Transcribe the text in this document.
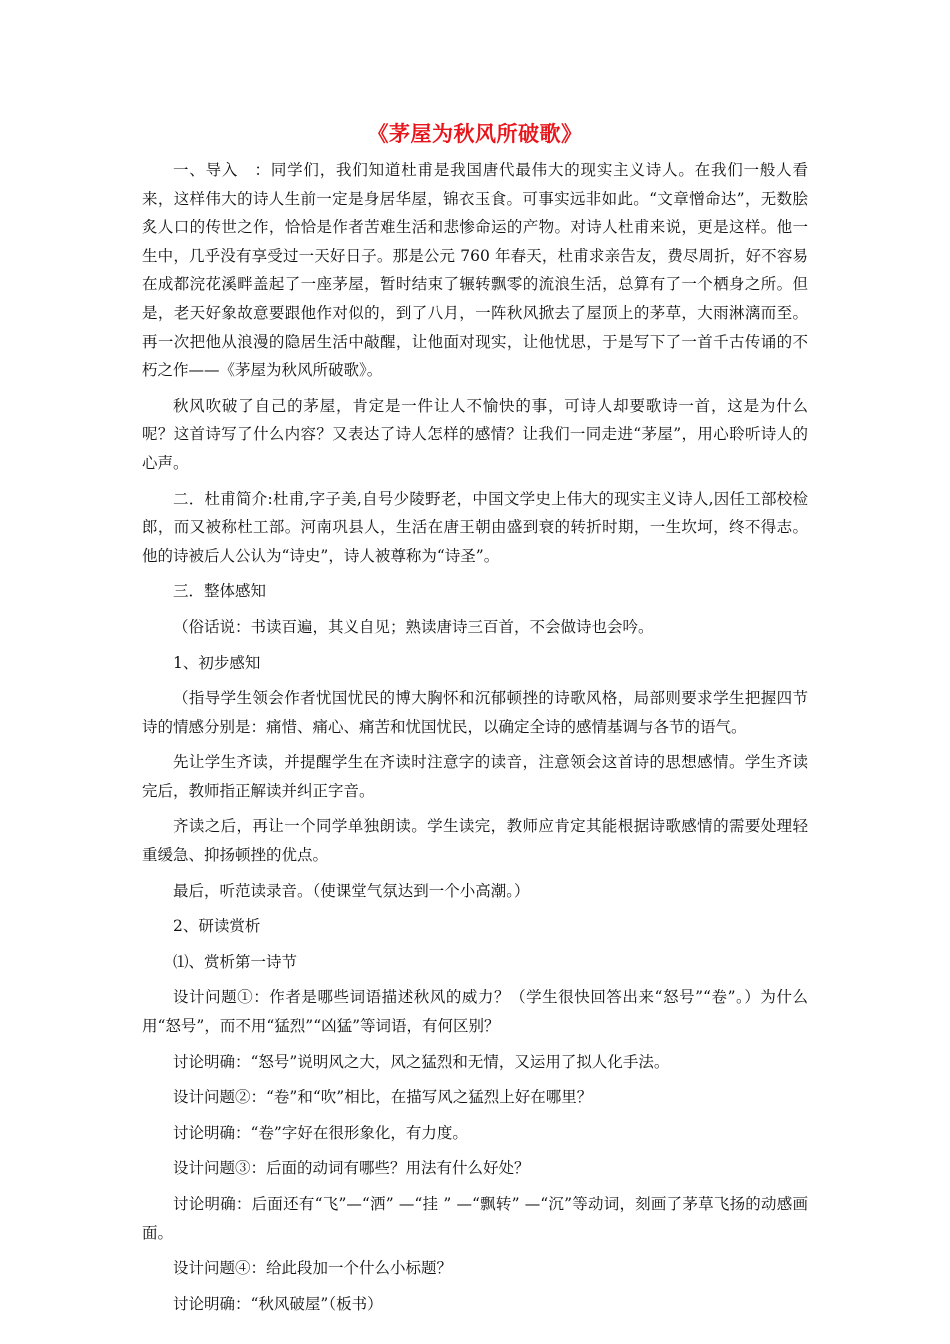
《茅屋为秋风所破歌》

一、导入　：同学们，我们知道杜甫是我国唐代最伟大的现实主义诗人。在我们一般人看来，这样伟大的诗人生前一定是身居华屋，锦衣玉食。可事实远非如此。“文章憎命达”，无数脍炙人口的传世之作，恰恰是作者苦难生活和悲惨命运的产物。对诗人杜甫来说，更是这样。他一生中，几乎没有享受过一天好日子。那是公元 760 年春天，杜甫求亲告友，费尽周折，好不容易在成都浣花溪畔盖起了一座茅屋，暂时结束了辗转飘零的流浪生活，总算有了一个栖身之所。但是，老天好象故意要跟他作对似的，到了八月，一阵秋风掀去了屋顶上的茅草，大雨淋漓而至。再一次把他从浪漫的隐居生活中敲醒，让他面对现实，让他忧思，于是写下了一首千古传诵的不朽之作——《茅屋为秋风所破歌》。

秋风吹破了自己的茅屋，肯定是一件让人不愉快的事，可诗人却要歌诗一首，这是为什么呢？这首诗写了什么内容？又表达了诗人怎样的感情？让我们一同走进“茅屋”，用心聆听诗人的心声。

二．杜甫简介:杜甫,字子美,自号少陵野老，中国文学史上伟大的现实主义诗人,因任工部校检郎，而又被称杜工部。河南巩县人，生活在唐王朝由盛到衰的转折时期，一生坎坷，终不得志。他的诗被后人公认为“诗史”，诗人被尊称为“诗圣”。

三．整体感知

（俗话说：书读百遍，其义自见；熟读唐诗三百首，不会做诗也会吟。

1、初步感知

（指导学生领会作者忧国忧民的博大胸怀和沉郁顿挫的诗歌风格，局部则要求学生把握四节诗的情感分别是：痛惜、痛心、痛苦和忧国忧民，以确定全诗的感情基调与各节的语气。

先让学生齐读，并提醒学生在齐读时注意字的读音，注意领会这首诗的思想感情。学生齐读完后，教师指正解读并纠正字音。

齐读之后，再让一个同学单独朗读。学生读完，教师应肯定其能根据诗歌感情的需要处理轻重缓急、抑扬顿挫的优点。

最后，听范读录音。（使课堂气氛达到一个小高潮。）

2、研读赏析

⑴、赏析第一诗节

设计问题①：作者是哪些词语描述秋风的威力？（学生很快回答出来“怒号”“卷”。）为什么用“怒号”，而不用“猛烈”“凶猛”等词语，有何区别？

讨论明确：“怒号”说明风之大，风之猛烈和无情，又运用了拟人化手法。

设计问题②：“卷”和“吹”相比，在描写风之猛烈上好在哪里？

讨论明确：“卷”字好在很形象化，有力度。

设计问题③：后面的动词有哪些？用法有什么好处？

讨论明确：后面还有“飞”—“洒” —“挂 ” —“飘转” —“沉”等动词，刻画了茅草飞扬的动感画面。

设计问题④：给此段加一个什么小标题？

讨论明确：“秋风破屋”（板书）
